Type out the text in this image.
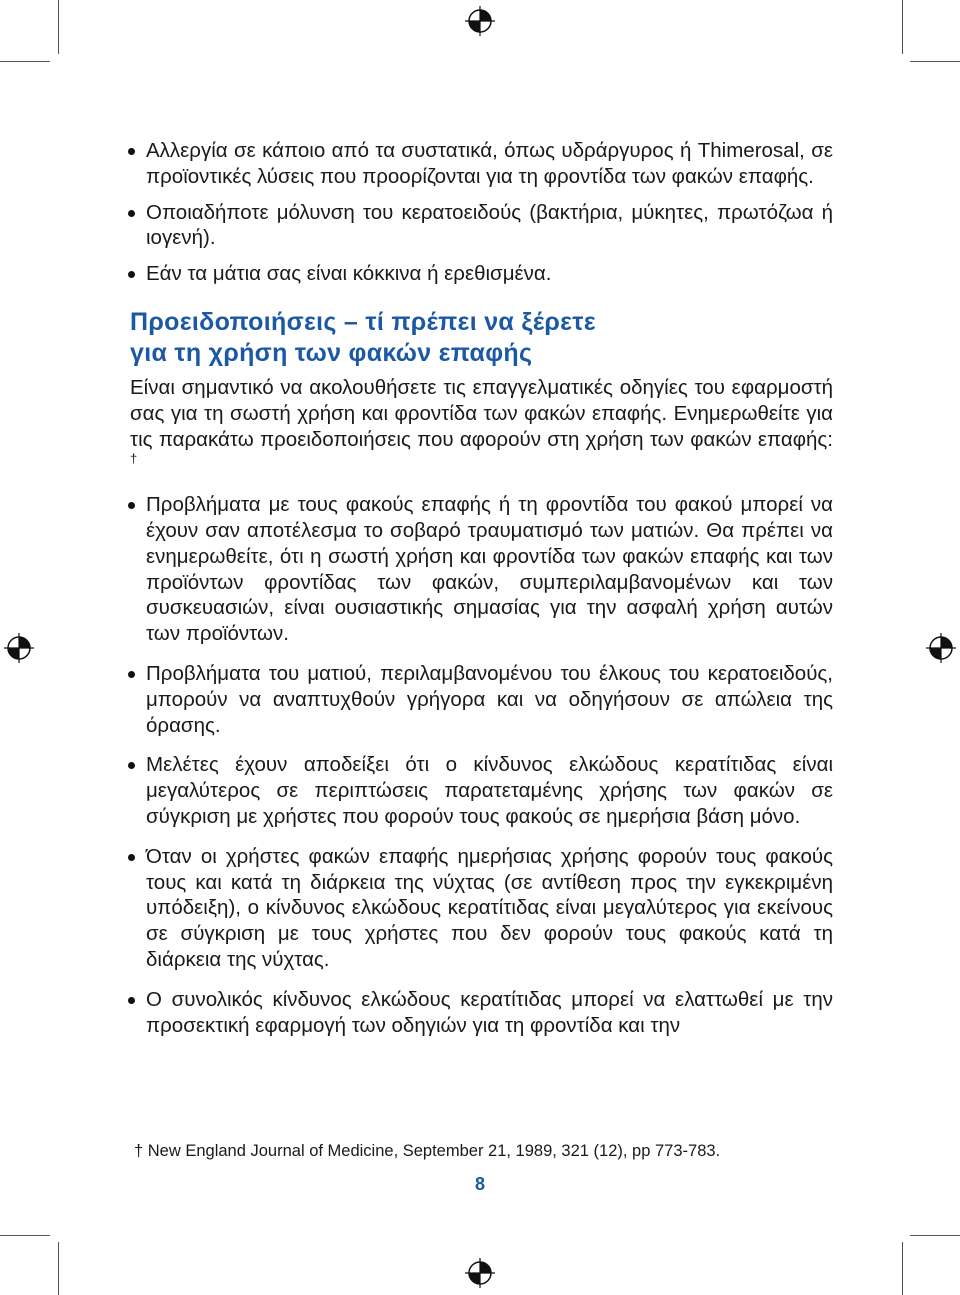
Αλλεργία σε κάποιο από τα συστατικά, όπως υδράργυρος ή Thimerosal, σε προϊοντικές λύσεις που προορίζονται για τη φροντίδα των φακών επαφής.
Οποιαδήποτε μόλυνση του κερατοειδούς (βακτήρια, μύκητες, πρωτόζωα ή ιογενή).
Εάν τα μάτια σας είναι κόκκινα ή ερεθισμένα.
Προειδοποιήσεις – τί πρέπει να ξέρετε
για τη χρήση των φακών επαφής

Είναι σημαντικό να ακολουθήσετε τις επαγγελματικές οδηγίες του εφαρμοστή σας για τη σωστή χρήση και φροντίδα των φακών επαφής. Ενημερωθείτε για τις παρακάτω προειδοποιήσεις που αφορούν στη χρήση των φακών επαφής: †

Προβλήματα με τους φακούς επαφής ή τη φροντίδα του φακού μπορεί να έχουν σαν αποτέλεσμα το σοβαρό τραυματισμό των ματιών. Θα πρέπει να ενημερωθείτε, ότι η σωστή χρήση και φροντίδα των φακών επαφής και των προϊόντων φροντίδας των φακών, συμπεριλαμβανομένων και των συσκευασιών, είναι ουσιαστικής σημασίας για την ασφαλή χρήση αυτών των προϊόντων.
Προβλήματα του ματιού, περιλαμβανομένου του έλκους του κερατοειδούς, μπορούν να αναπτυχθούν γρήγορα και να οδηγήσουν σε απώλεια της όρασης.
Μελέτες έχουν αποδείξει ότι ο κίνδυνος ελκώδους κερατίτιδας είναι μεγαλύτερος σε περιπτώσεις παρατεταμένης χρήσης των φακών σε σύγκριση με χρήστες που φορούν τους φακούς σε ημερήσια βάση μόνο.
Όταν οι χρήστες φακών επαφής ημερήσιας χρήσης φορούν τους φακούς τους και κατά τη διάρκεια της νύχτας (σε αντίθεση προς την εγκεκριμένη υπόδειξη), ο κίνδυνος ελκώδους κερατίτιδας είναι μεγαλύτερος για εκείνους σε σύγκριση με τους χρήστες που δεν φορούν τους φακούς κατά τη διάρκεια της νύχτας.
Ο συνολικός κίνδυνος ελκώδους κερατίτιδας μπορεί να ελαττωθεί με την προσεκτική εφαρμογή των οδηγιών για τη φροντίδα και την
† New England Journal of Medicine, September 21, 1989, 321 (12), pp 773-783.
8
